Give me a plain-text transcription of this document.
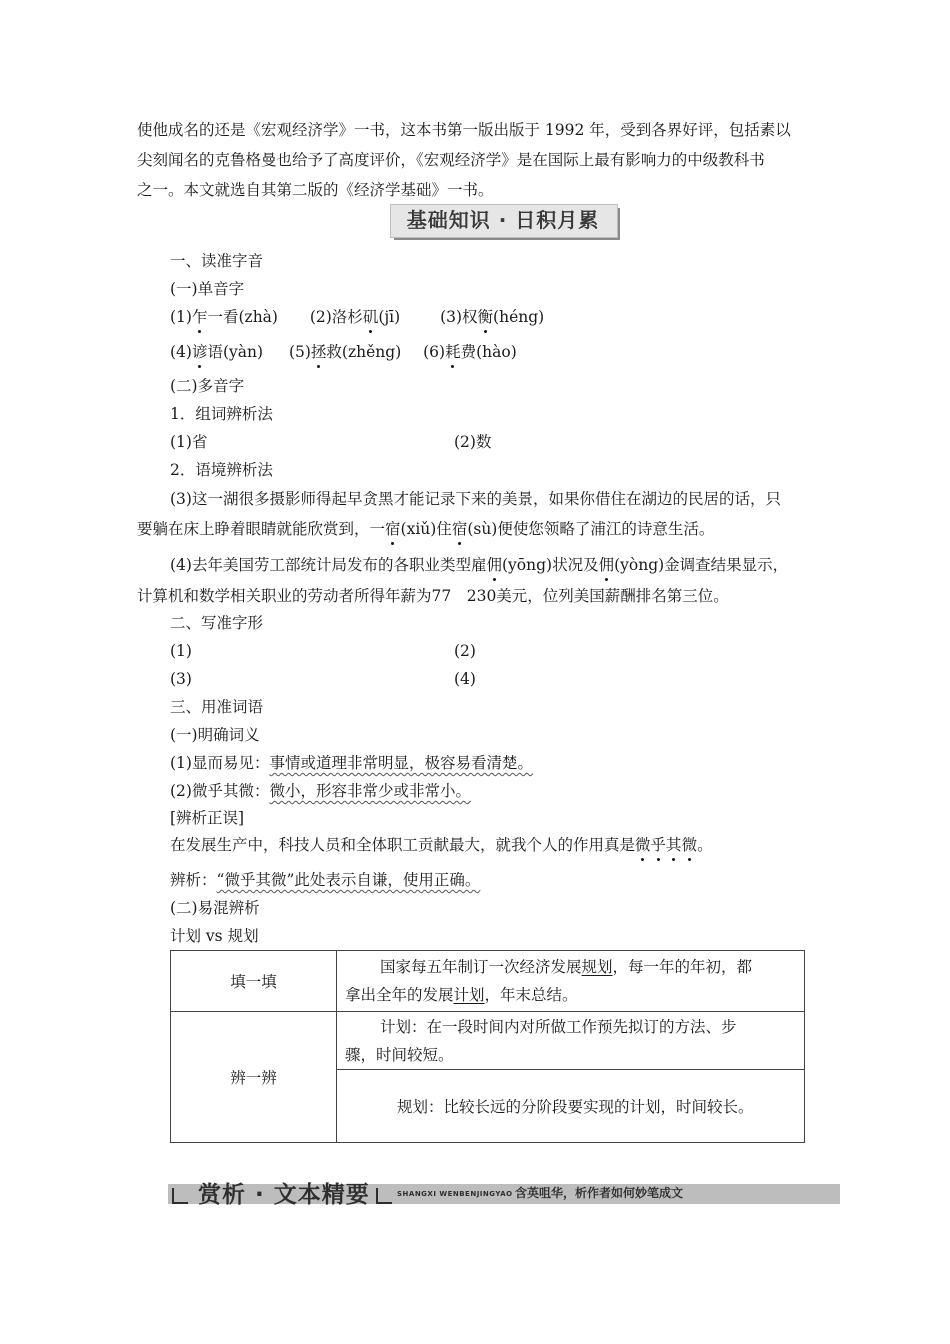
使他成名的还是《宏观经济学》一书，这本书第一版出版于 1992 年，受到各界好评，包括素以
尖刻闻名的克鲁格曼也给予了高度评价，《宏观经济学》是在国际上最有影响力的中级教科书
之一。本文就选自其第二版的《经济学基础》一书。
基础知识 · 日积月累
一、读准字音
(一)单音字
(1)乍一看(zhà) (2)洛杉矶(jī)	(3)权衡(héng)
(4)谚语(yàn) (5)拯救(zhěng) (6)耗费(hào)
(二)多音字
1．组词辨析法
(1)省	(2)数
2．语境辨析法
(3)这一湖很多摄影师得起早贪黑才能记录下来的美景，如果你借住在湖边的民居的话，只
要躺在床上睁着眼睛就能欣赏到，一宿(xiǔ)住宿(sù)便使您领略了浦江的诗意生活。
(4)去年美国劳工部统计局发布的各职业类型雇佣(yōng)状况及佣(yòng)金调查结果显示，
计算机和数学相关职业的劳动者所得年薪为77　230美元，位列美国薪酬排名第三位。
二、写准字形
(1)	(2)
(3)	(4)
三、用准词语
(一)明确词义
(1)显而易见：事情或道理非常明显，极容易看清楚。
(2)微乎其微：微小，形容非常少或非常小。
[辨析正误]
在发展生产中，科技人员和全体职工贡献最大，就我个人的作用真是微乎其微。
辨析：“微乎其微”此处表示自谦，使用正确。
(二)易混辨析
计划 vs 规划
填一填	国家每五年制订一次经济发展规划，每一年的年初，都
拿出全年的发展计划，年末总结。

辨一辨	计划：在一段时间内对所做工作预先拟订的方法、步
骤，时间较短。

	规划：比较长远的分阶段要实现的计划，时间较长。
赏析 · 文本精要	SHANGXI WENBENJINGYAO 含英咀华，析作者如何妙笔成文
